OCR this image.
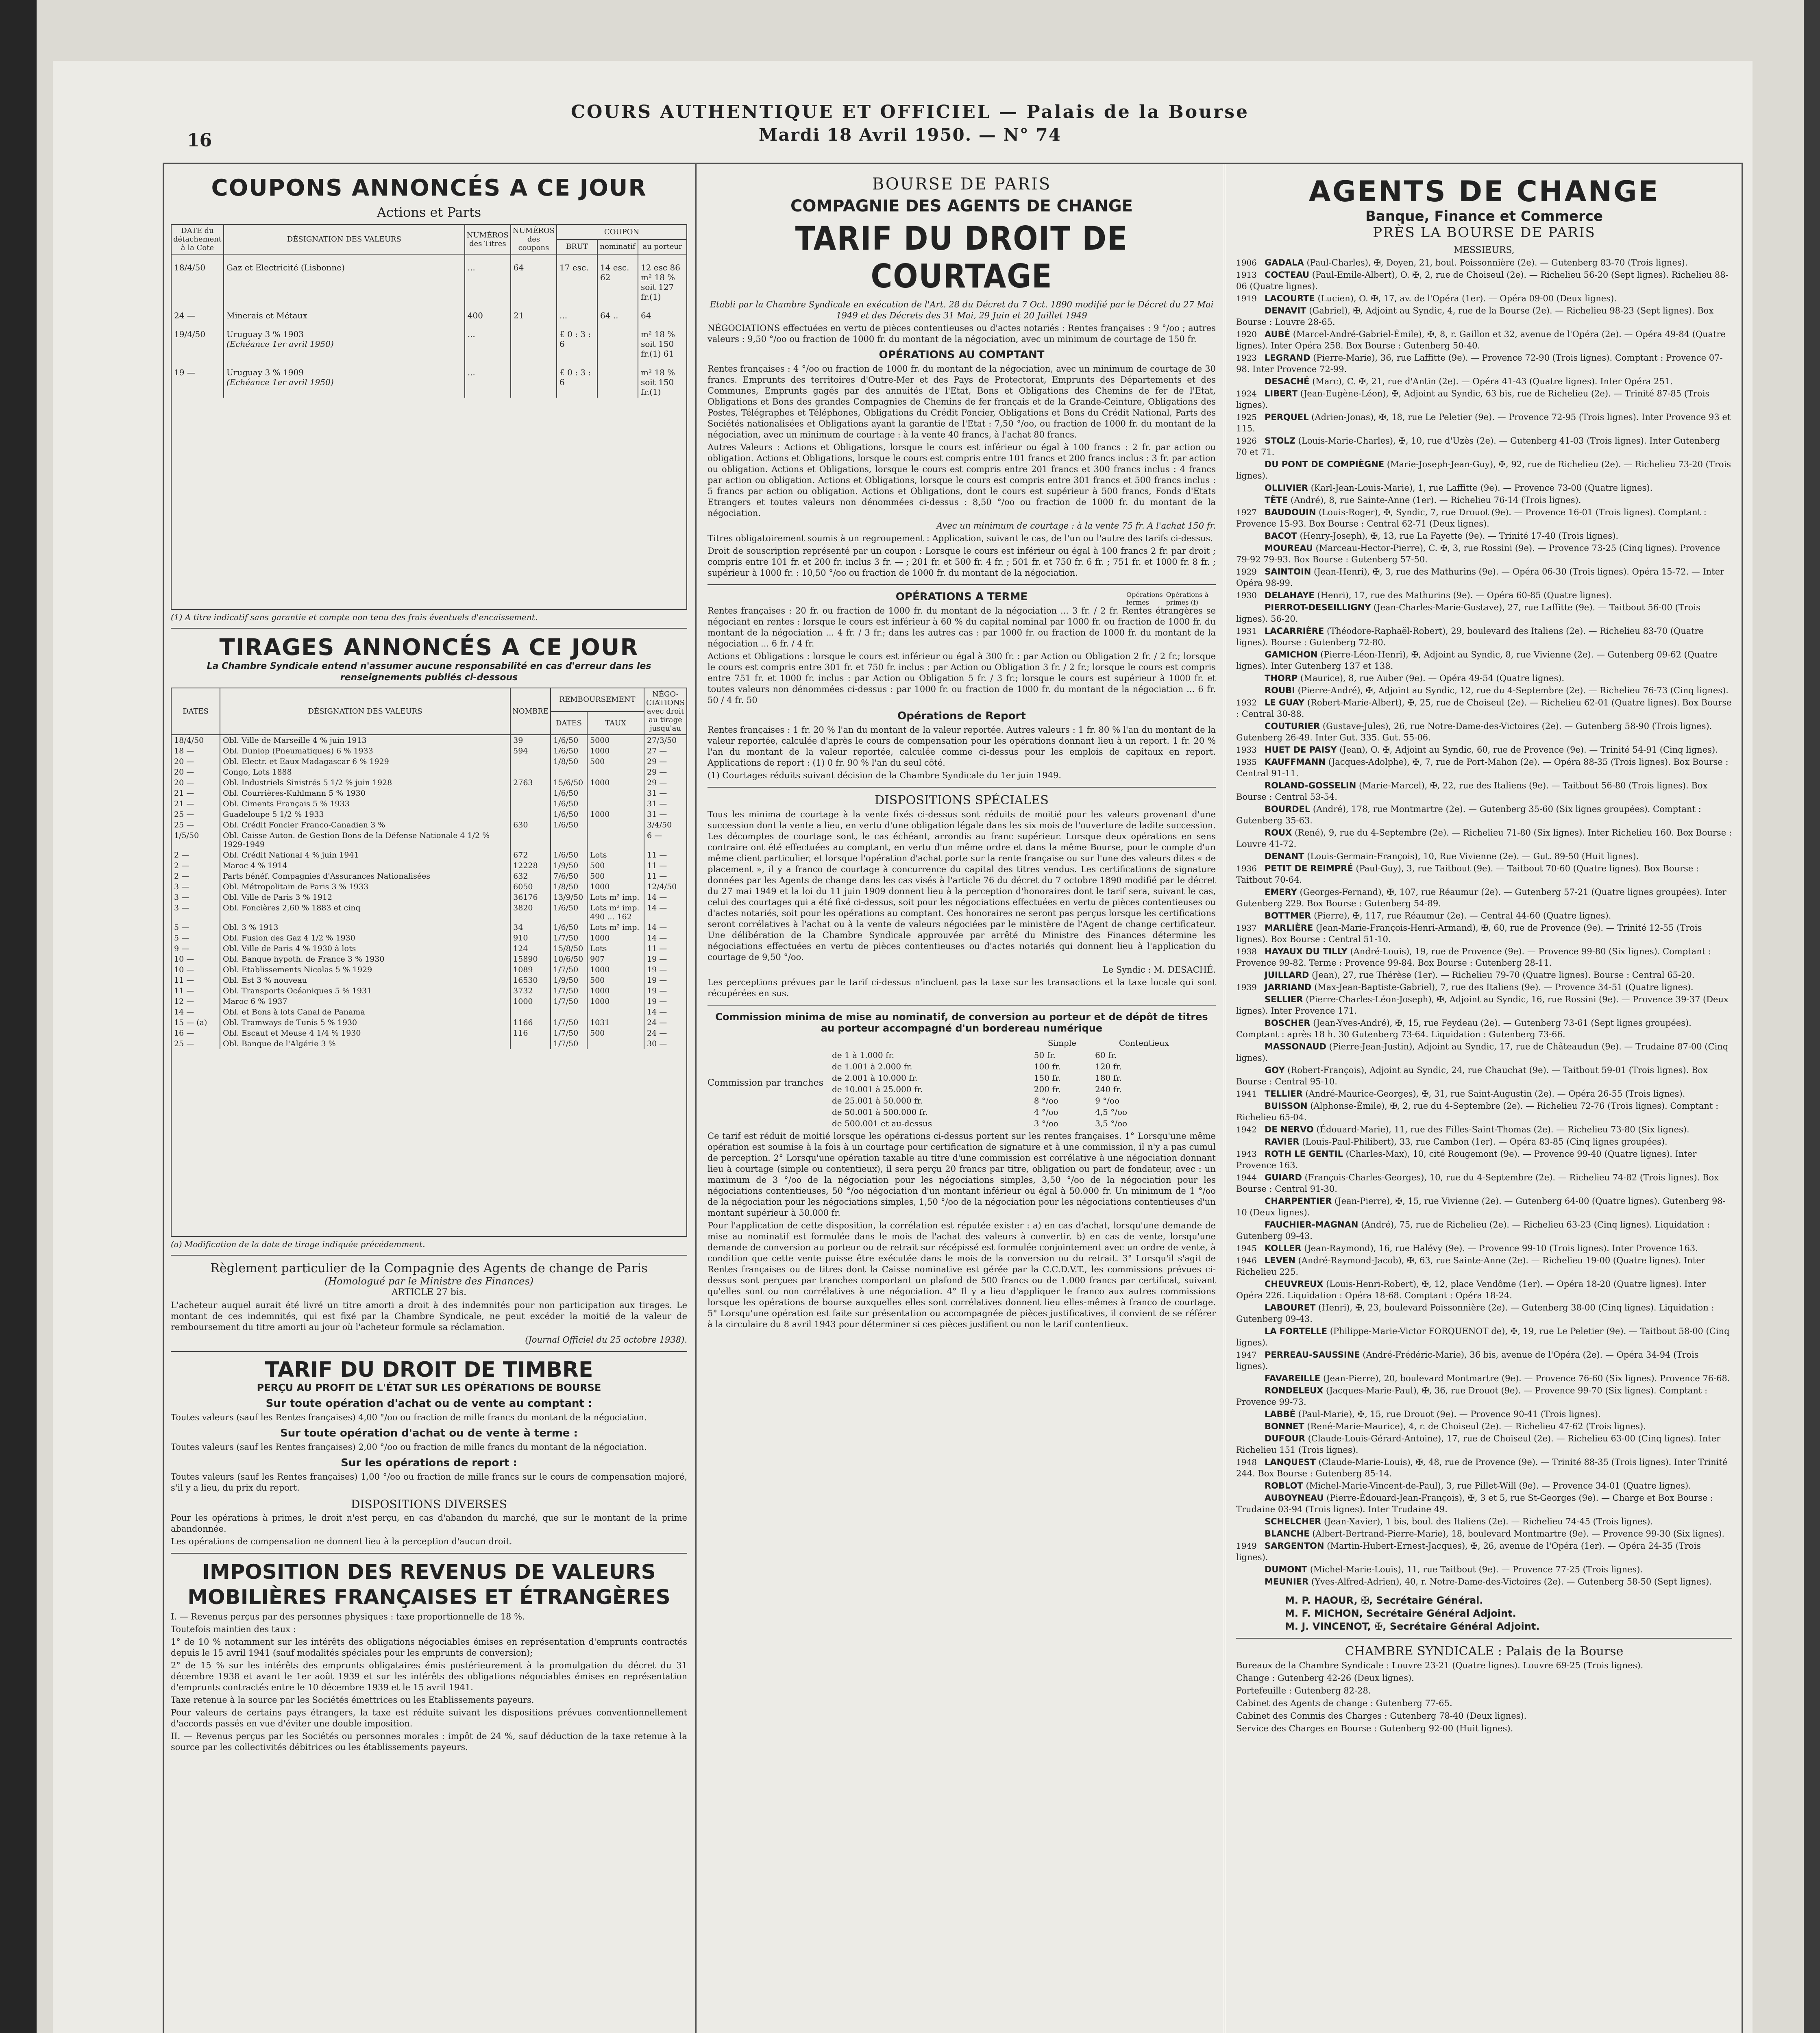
COURS AUTHENTIQUE ET OFFICIEL — Palais de la Bourse
Mardi 18 Avril 1950. — N° 74
16
COUPONS ANNONCÉS A CE JOUR
Actions et Parts
DATE du détachement à la Cote	DÉSIGNATION DES VALEURS	NUMÉROS des Titres	NUMÉROS des coupons	COUPON		
				BRUT	nominatif	au porteur
18/4/50	Gaz et Electricité (Lisbonne)	...	64	17 esc.	14 esc. 62	12 esc 86 m² 18 % soit 127 fr.(1)
24 —	Minerais et Métaux	400	21	...	64 ..	64
19/4/50	Uruguay 3 % 1903
(Echéance 1er avril 1950)	...		£ 0 : 3 : 6		m² 18 % soit 150 fr.(1) 61
19 —	Uruguay 3 % 1909
(Echéance 1er avril 1950)	...		£ 0 : 3 : 6		m² 18 % soit 150 fr.(1)
(1) A titre indicatif sans garantie et compte non tenu des frais éventuels d'encaissement.
TIRAGES ANNONCÉS A CE JOUR
La Chambre Syndicale entend n'assumer aucune responsabilité en cas d'erreur dans les renseignements publiés ci-dessous
DATES	DÉSIGNATION DES VALEURS	NOMBRE	REMBOURSEMENT		NÉGO-CIATIONS avec droit au tirage jusqu'au
			DATES	TAUX	
18/4/50	Obl. Ville de Marseille 4 % juin 1913	39	1/6/50	5000	27/3/50
18 —	Obl. Dunlop (Pneumatiques) 6 % 1933	594	1/6/50	1000	27 —
20 —	Obl. Electr. et Eaux Madagascar 6 % 1929		1/8/50	500	29 —
20 —	Congo, Lots 1888				29 —
20 —	Obl. Industriels Sinistrés 5 1/2 % juin 1928	2763	15/6/50	1000	29 —
21 —	Obl. Courrières-Kuhlmann 5 % 1930		1/6/50		31 —
21 —	Obl. Ciments Français 5 % 1933		1/6/50		31 —
25 —	Guadeloupe 5 1/2 % 1933		1/6/50	1000	31 —
25 —	Obl. Crédit Foncier Franco-Canadien 3 %	630	1/6/50		3/4/50
1/5/50	Obl. Caisse Auton. de Gestion Bons de la Défense Nationale 4 1/2 % 1929-1949				6 —
2 —	Obl. Crédit National 4 % juin 1941	672	1/6/50	Lots	11 —
2 —	Maroc 4 % 1914	12228	1/9/50	500	11 —
2 —	Parts bénéf. Compagnies d'Assurances Nationalisées	632	7/6/50	500	11 —
3 —	Obl. Métropolitain de Paris 3 % 1933	6050	1/8/50	1000	12/4/50
3 —	Obl. Ville de Paris 3 % 1912	36176	13/9/50	Lots m² imp.	14 —
3 —	Obl. Foncières 2,60 % 1883 et cinq	3820	1/6/50	Lots m² imp. 490 ... 162	14 —
5 —	Obl. 3 % 1913	34	1/6/50	Lots m² imp.	14 —
5 —	Obl. Fusion des Gaz 4 1/2 % 1930	910	1/7/50	1000	14 —
9 —	Obl. Ville de Paris 4 % 1930 à lots	124	15/8/50	Lots	11 —
10 —	Obl. Banque hypoth. de France 3 % 1930	15890	10/6/50	907	19 —
10 —	Obl. Etablissements Nicolas 5 % 1929	1089	1/7/50	1000	19 —
11 —	Obl. Est 3 % nouveau	16530	1/9/50	500	19 —
11 —	Obl. Transports Océaniques 5 % 1931	3732	1/7/50	1000	19 —
12 —	Maroc 6 % 1937	1000	1/7/50	1000	19 —
14 —	Obl. et Bons à lots Canal de Panama				14 —
15 — (a)	Obl. Tramways de Tunis 5 % 1930	1166	1/7/50	1031	24 —
16 —	Obl. Escaut et Meuse 4 1/4 % 1930	116	1/7/50	500	24 —
25 —	Obl. Banque de l'Algérie 3 %		1/7/50		30 —
(a) Modification de la date de tirage indiquée précédemment.
Règlement particulier de la Compagnie des Agents de change de Paris
(Homologué par le Ministre des Finances)
ARTICLE 27 bis.
L'acheteur auquel aurait été livré un titre amorti a droit à des indemnités pour non participation aux tirages. Le montant de ces indemnités, qui est fixé par la Chambre Syndicale, ne peut excéder la moitié de la valeur de remboursement du titre amorti au jour où l'acheteur formule sa réclamation.
(Journal Officiel du 25 octobre 1938).
TARIF DU DROIT DE TIMBRE
PERÇU AU PROFIT DE L'ÉTAT SUR LES OPÉRATIONS DE BOURSE
Sur toute opération d'achat ou de vente au comptant :
Toutes valeurs (sauf les Rentes françaises) 4,00 °/oo ou fraction de mille francs du montant de la négociation.
Sur toute opération d'achat ou de vente à terme :
Toutes valeurs (sauf les Rentes françaises) 2,00 °/oo ou fraction de mille francs du montant de la négociation.
Sur les opérations de report :
Toutes valeurs (sauf les Rentes françaises) 1,00 °/oo ou fraction de mille francs sur le cours de compensation majoré, s'il y a lieu, du prix du report.
DISPOSITIONS DIVERSES
Pour les opérations à primes, le droit n'est perçu, en cas d'abandon du marché, que sur le montant de la prime abandonnée.
Les opérations de compensation ne donnent lieu à la perception d'aucun droit.
IMPOSITION DES REVENUS DE VALEURS MOBILIÈRES FRANÇAISES ET ÉTRANGÈRES
I. — Revenus perçus par des personnes physiques : taxe proportionnelle de 18 %.
Toutefois maintien des taux :
1° de 10 % notamment sur les intérêts des obligations négociables émises en représentation d'emprunts contractés depuis le 15 avril 1941 (sauf modalités spéciales pour les emprunts de conversion);
2° de 15 % sur les intérêts des emprunts obligataires émis postérieurement à la promulgation du décret du 31 décembre 1938 et avant le 1er août 1939 et sur les intérêts des obligations négociables émises en représentation d'emprunts contractés entre le 10 décembre 1939 et le 15 avril 1941.
Taxe retenue à la source par les Sociétés émettrices ou les Etablissements payeurs.
Pour valeurs de certains pays étrangers, la taxe est réduite suivant les dispositions prévues conventionnellement d'accords passés en vue d'éviter une double imposition.
II. — Revenus perçus par les Sociétés ou personnes morales : impôt de 24 %, sauf déduction de la taxe retenue à la source par les collectivités débitrices ou les établissements payeurs.
BOURSE DE PARIS
COMPAGNIE DES AGENTS DE CHANGE
TARIF DU DROIT DE COURTAGE
Etabli par la Chambre Syndicale en exécution de l'Art. 28 du Décret du 7 Oct. 1890 modifié par le Décret du 27 Mai 1949 et des Décrets des 31 Mai, 29 Juin et 20 Juillet 1949
NÉGOCIATIONS effectuées en vertu de pièces contentieuses ou d'actes notariés : Rentes françaises : 9 °/oo ; autres valeurs : 9,50 °/oo ou fraction de 1000 fr. du montant de la négociation, avec un minimum de courtage de 150 fr.
OPÉRATIONS AU COMPTANT
Rentes françaises : 4 °/oo ou fraction de 1000 fr. du montant de la négociation, avec un minimum de courtage de 30 francs. Emprunts des territoires d'Outre-Mer et des Pays de Protectorat, Emprunts des Départements et des Communes, Emprunts gagés par des annuités de l'Etat, Bons et Obligations des Chemins de fer de l'Etat, Obligations et Bons des grandes Compagnies de Chemins de fer français et de la Grande-Ceinture, Obligations des Postes, Télégraphes et Téléphones, Obligations du Crédit Foncier, Obligations et Bons du Crédit National, Parts des Sociétés nationalisées et Obligations ayant la garantie de l'Etat : 7,50 °/oo, ou fraction de 1000 fr. du montant de la négociation, avec un minimum de courtage : à la vente 40 francs, à l'achat 80 francs.
Autres Valeurs : Actions et Obligations, lorsque le cours est inférieur ou égal à 100 francs : 2 fr. par action ou obligation. Actions et Obligations, lorsque le cours est compris entre 101 francs et 200 francs inclus : 3 fr. par action ou obligation. Actions et Obligations, lorsque le cours est compris entre 201 francs et 300 francs inclus : 4 francs par action ou obligation. Actions et Obligations, lorsque le cours est compris entre 301 francs et 500 francs inclus : 5 francs par action ou obligation. Actions et Obligations, dont le cours est supérieur à 500 francs, Fonds d'Etats Etrangers et toutes valeurs non dénommées ci-dessus : 8,50 °/oo ou fraction de 1000 fr. du montant de la négociation.
Avec un minimum de courtage : à la vente 75 fr. A l'achat 150 fr.
Titres obligatoirement soumis à un regroupement : Application, suivant le cas, de l'un ou l'autre des tarifs ci-dessus.
Droit de souscription représenté par un coupon : Lorsque le cours est inférieur ou égal à 100 francs 2 fr. par droit ; compris entre 101 fr. et 200 fr. inclus 3 fr. — ; 201 fr. et 500 fr. 4 fr. ; 501 fr. et 750 fr. 6 fr. ; 751 fr. et 1000 fr. 8 fr. ; supérieur à 1000 fr. : 10,50 °/oo ou fraction de 1000 fr. du montant de la négociation.
OPÉRATIONS A TERME	Opérations fermes
Opérations à primes (f)
Rentes françaises : 20 fr. ou fraction de 1000 fr. du montant de la négociation ... 3 fr. / 2 fr. Rentes étrangères se négociant en rentes : lorsque le cours est inférieur à 60 % du capital nominal par 1000 fr. ou fraction de 1000 fr. du montant de la négociation ... 4 fr. / 3 fr.; dans les autres cas : par 1000 fr. ou fraction de 1000 fr. du montant de la négociation ... 6 fr. / 4 fr.
Actions et Obligations : lorsque le cours est inférieur ou égal à 300 fr. : par Action ou Obligation 2 fr. / 2 fr.; lorsque le cours est compris entre 301 fr. et 750 fr. inclus : par Action ou Obligation 3 fr. / 2 fr.; lorsque le cours est compris entre 751 fr. et 1000 fr. inclus : par Action ou Obligation 5 fr. / 3 fr.; lorsque le cours est supérieur à 1000 fr. et toutes valeurs non dénommées ci-dessus : par 1000 fr. ou fraction de 1000 fr. du montant de la négociation ... 6 fr. 50 / 4 fr. 50
Opérations de Report
Rentes françaises : 1 fr. 20 % l'an du montant de la valeur reportée. Autres valeurs : 1 fr. 80 % l'an du montant de la valeur reportée, calculée d'après le cours de compensation pour les opérations donnant lieu à un report. 1 fr. 20 % l'an du montant de la valeur reportée, calculée comme ci-dessus pour les emplois de capitaux en report. Applications de report : (1) 0 fr. 90 % l'an du seul côté.
(1) Courtages réduits suivant décision de la Chambre Syndicale du 1er juin 1949.
DISPOSITIONS SPÉCIALES
Tous les minima de courtage à la vente fixés ci-dessus sont réduits de moitié pour les valeurs provenant d'une succession dont la vente a lieu, en vertu d'une obligation légale dans les six mois de l'ouverture de ladite succession. Les décomptes de courtage sont, le cas échéant, arrondis au franc supérieur. Lorsque deux opérations en sens contraire ont été effectuées au comptant, en vertu d'un même ordre et dans la même Bourse, pour le compte d'un même client particulier, et lorsque l'opération d'achat porte sur la rente française ou sur l'une des valeurs dites « de placement », il y a franco de courtage à concurrence du capital des titres vendus. Les certifications de signature données par les Agents de change dans les cas visés à l'article 76 du décret du 7 octobre 1890 modifié par le décret du 27 mai 1949 et la loi du 11 juin 1909 donnent lieu à la perception d'honoraires dont le tarif sera, suivant le cas, celui des courtages qui a été fixé ci-dessus, soit pour les négociations effectuées en vertu de pièces contentieuses ou d'actes notariés, soit pour les opérations au comptant. Ces honoraires ne seront pas perçus lorsque les certifications seront corrélatives à l'achat ou à la vente de valeurs négociées par le ministère de l'Agent de change certificateur. Une délibération de la Chambre Syndicale approuvée par arrêté du Ministre des Finances détermine les négociations effectuées en vertu de pièces contentieuses ou d'actes notariés qui donnent lieu à l'application du courtage de 9,50 °/oo.
Le Syndic : M. DESACHÉ.
Les perceptions prévues par le tarif ci-dessus n'incluent pas la taxe sur les transactions et la taxe locale qui sont récupérées en sus.
Commission minima de mise au nominatif, de conversion au porteur et de dépôt de titres au porteur accompagné d'un bordereau numérique
Commission par tranches
	Simple	Contentieux
de 1 à 1.000 fr.	50 fr.	60 fr.
de 1.001 à 2.000 fr.	100 fr.	120 fr.
de 2.001 à 10.000 fr.	150 fr.	180 fr.
de 10.001 à 25.000 fr.	200 fr.	240 fr.
de 25.001 à 50.000 fr.	8 °/oo	9 °/oo
de 50.001 à 500.000 fr.	4 °/oo	4,5 °/oo
de 500.001 et au-dessus	3 °/oo	3,5 °/oo
Ce tarif est réduit de moitié lorsque les opérations ci-dessus portent sur les rentes françaises. 1° Lorsqu'une même opération est soumise à la fois à un courtage pour certification de signature et à une commission, il n'y a pas cumul de perception. 2° Lorsqu'une opération taxable au titre d'une commission est corrélative à une négociation donnant lieu à courtage (simple ou contentieux), il sera perçu 20 francs par titre, obligation ou part de fondateur, avec : un maximum de 3 °/oo de la négociation pour les négociations simples, 3,50 °/oo de la négociation pour les négociations contentieuses, 50 °/oo négociation d'un montant inférieur ou égal à 50.000 fr. Un minimum de 1 °/oo de la négociation pour les négociations simples, 1,50 °/oo de la négociation pour les négociations contentieuses d'un montant supérieur à 50.000 fr.
Pour l'application de cette disposition, la corrélation est réputée exister : a) en cas d'achat, lorsqu'une demande de mise au nominatif est formulée dans le mois de l'achat des valeurs à convertir. b) en cas de vente, lorsqu'une demande de conversion au porteur ou de retrait sur récépissé est formulée conjointement avec un ordre de vente, à condition que cette vente puisse être exécutée dans le mois de la conversion ou du retrait. 3° Lorsqu'il s'agit de Rentes françaises ou de titres dont la Caisse nominative est gérée par la C.C.D.V.T., les commissions prévues ci-dessus sont perçues par tranches comportant un plafond de 500 francs ou de 1.000 francs par certificat, suivant qu'elles sont ou non corrélatives à une négociation. 4° Il y a lieu d'appliquer le franco aux autres commissions lorsque les opérations de bourse auxquelles elles sont corrélatives donnent lieu elles-mêmes à franco de courtage. 5° Lorsqu'une opération est faite sur présentation ou accompagnée de pièces justificatives, il convient de se référer à la circulaire du 8 avril 1943 pour déterminer si ces pièces justifient ou non le tarif contentieux.
AGENTS DE CHANGE
Banque, Finance et Commerce
PRÈS LA BOURSE DE PARIS
MESSIEURS,
1906 GADALA (Paul-Charles), ✠, Doyen, 21, boul. Poissonnière (2e). — Gutenberg 83-70 (Trois lignes).
1913 COCTEAU (Paul-Emile-Albert), O. ✠, 2, rue de Choiseul (2e). — Richelieu 56-20 (Sept lignes). Richelieu 88-06 (Quatre lignes).
1919 LACOURTE (Lucien), O. ✠, 17, av. de l'Opéra (1er). — Opéra 09-00 (Deux lignes).
DENAVIT (Gabriel), ✠, Adjoint au Syndic, 4, rue de la Bourse (2e). — Richelieu 98-23 (Sept lignes). Box Bourse : Louvre 28-65.
1920 AUBÉ (Marcel-André-Gabriel-Émile), ✠, 8, r. Gaillon et 32, avenue de l'Opéra (2e). — Opéra 49-84 (Quatre lignes). Inter Opéra 258. Box Bourse : Gutenberg 50-40.
1923 LEGRAND (Pierre-Marie), 36, rue Laffitte (9e). — Provence 72-90 (Trois lignes). Comptant : Provence 07-98. Inter Provence 72-99.
DESACHÉ (Marc), C. ✠, 21, rue d'Antin (2e). — Opéra 41-43 (Quatre lignes). Inter Opéra 251.
1924 LIBERT (Jean-Eugène-Léon), ✠, Adjoint au Syndic, 63 bis, rue de Richelieu (2e). — Trinité 87-85 (Trois lignes).
1925 PERQUEL (Adrien-Jonas), ✠, 18, rue Le Peletier (9e). — Provence 72-95 (Trois lignes). Inter Provence 93 et 115.
1926 STOLZ (Louis-Marie-Charles), ✠, 10, rue d'Uzès (2e). — Gutenberg 41-03 (Trois lignes). Inter Gutenberg 70 et 71.
DU PONT DE COMPIÈGNE (Marie-Joseph-Jean-Guy), ✠, 92, rue de Richelieu (2e). — Richelieu 73-20 (Trois lignes).
OLLIVIER (Karl-Jean-Louis-Marie), 1, rue Laffitte (9e). — Provence 73-00 (Quatre lignes).
TÊTE (André), 8, rue Sainte-Anne (1er). — Richelieu 76-14 (Trois lignes).
1927 BAUDOUIN (Louis-Roger), ✠, Syndic, 7, rue Drouot (9e). — Provence 16-01 (Trois lignes). Comptant : Provence 15-93. Box Bourse : Central 62-71 (Deux lignes).
BACOT (Henry-Joseph), ✠, 13, rue La Fayette (9e). — Trinité 17-40 (Trois lignes).
MOUREAU (Marceau-Hector-Pierre), C. ✠, 3, rue Rossini (9e). — Provence 73-25 (Cinq lignes). Provence 79-92 79-93. Box Bourse : Gutenberg 57-50.
1929 SAINTOIN (Jean-Henri), ✠, 3, rue des Mathurins (9e). — Opéra 06-30 (Trois lignes). Opéra 15-72. — Inter Opéra 98-99.
1930 DELAHAYE (Henri), 17, rue des Mathurins (9e). — Opéra 60-85 (Quatre lignes).
PIERROT-DESEILLIGNY (Jean-Charles-Marie-Gustave), 27, rue Laffitte (9e). — Taitbout 56-00 (Trois lignes). 56-20.
1931 LACARRIÈRE (Théodore-Raphaël-Robert), 29, boulevard des Italiens (2e). — Richelieu 83-70 (Quatre lignes). Bourse : Gutenberg 72-80.
GAMICHON (Pierre-Léon-Henri), ✠, Adjoint au Syndic, 8, rue Vivienne (2e). — Gutenberg 09-62 (Quatre lignes). Inter Gutenberg 137 et 138.
THORP (Maurice), 8, rue Auber (9e). — Opéra 49-54 (Quatre lignes).
ROUBI (Pierre-André), ✠, Adjoint au Syndic, 12, rue du 4-Septembre (2e). — Richelieu 76-73 (Cinq lignes).
1932 LE GUAY (Robert-Marie-Albert), ✠, 25, rue de Choiseul (2e). — Richelieu 62-01 (Quatre lignes). Box Bourse : Central 30-88.
COUTURIER (Gustave-Jules), 26, rue Notre-Dame-des-Victoires (2e). — Gutenberg 58-90 (Trois lignes). Gutenberg 26-49. Inter Gut. 335. Gut. 55-06.
1933 HUET DE PAISY (Jean), O. ✠, Adjoint au Syndic, 60, rue de Provence (9e). — Trinité 54-91 (Cinq lignes).
1935 KAUFFMANN (Jacques-Adolphe), ✠, 7, rue de Port-Mahon (2e). — Opéra 88-35 (Trois lignes). Box Bourse : Central 91-11.
ROLAND-GOSSELIN (Marie-Marcel), ✠, 22, rue des Italiens (9e). — Taitbout 56-80 (Trois lignes). Box Bourse : Central 53-54.
BOURDEL (André), 178, rue Montmartre (2e). — Gutenberg 35-60 (Six lignes groupées). Comptant : Gutenberg 35-63.
ROUX (René), 9, rue du 4-Septembre (2e). — Richelieu 71-80 (Six lignes). Inter Richelieu 160. Box Bourse : Louvre 41-72.
DENANT (Louis-Germain-François), 10, Rue Vivienne (2e). — Gut. 89-50 (Huit lignes).
1936 PETIT DE REIMPRÉ (Paul-Guy), 3, rue Taitbout (9e). — Taitbout 70-60 (Quatre lignes). Box Bourse : Taitbout 70-64.
EMERY (Georges-Fernand), ✠, 107, rue Réaumur (2e). — Gutenberg 57-21 (Quatre lignes groupées). Inter Gutenberg 229. Box Bourse : Gutenberg 54-89.
BOTTMER (Pierre), ✠, 117, rue Réaumur (2e). — Central 44-60 (Quatre lignes).
1937 MARLIÈRE (Jean-Marie-François-Henri-Armand), ✠, 60, rue de Provence (9e). — Trinité 12-55 (Trois lignes). Box Bourse : Central 51-10.
1938 HAYAUX DU TILLY (André-Louis), 19, rue de Provence (9e). — Provence 99-80 (Six lignes). Comptant : Provence 99-82. Terme : Provence 99-84. Box Bourse : Gutenberg 28-11.
JUILLARD (Jean), 27, rue Thérèse (1er). — Richelieu 79-70 (Quatre lignes). Bourse : Central 65-20.
1939 JARRIAND (Max-Jean-Baptiste-Gabriel), 7, rue des Italiens (9e). — Provence 34-51 (Quatre lignes).
SELLIER (Pierre-Charles-Léon-Joseph), ✠, Adjoint au Syndic, 16, rue Rossini (9e). — Provence 39-37 (Deux lignes). Inter Provence 171.
BOSCHER (Jean-Yves-André), ✠, 15, rue Feydeau (2e). — Gutenberg 73-61 (Sept lignes groupées). Comptant : après 18 h. 30 Gutenberg 73-64. Liquidation : Gutenberg 73-66.
MASSONAUD (Pierre-Jean-Justin), Adjoint au Syndic, 17, rue de Châteaudun (9e). — Trudaine 87-00 (Cinq lignes).
GOY (Robert-François), Adjoint au Syndic, 24, rue Chauchat (9e). — Taitbout 59-01 (Trois lignes). Box Bourse : Central 95-10.
1941 TELLIER (André-Maurice-Georges), ✠, 31, rue Saint-Augustin (2e). — Opéra 26-55 (Trois lignes).
BUISSON (Alphonse-Émile), ✠, 2, rue du 4-Septembre (2e). — Richelieu 72-76 (Trois lignes). Comptant : Richelieu 65-04.
1942 DE NERVO (Édouard-Marie), 11, rue des Filles-Saint-Thomas (2e). — Richelieu 73-80 (Six lignes).
RAVIER (Louis-Paul-Philibert), 33, rue Cambon (1er). — Opéra 83-85 (Cinq lignes groupées).
1943 ROTH LE GENTIL (Charles-Max), 10, cité Rougemont (9e). — Provence 99-40 (Quatre lignes). Inter Provence 163.
1944 GUIARD (François-Charles-Georges), 10, rue du 4-Septembre (2e). — Richelieu 74-82 (Trois lignes). Box Bourse : Central 91-30.
CHARPENTIER (Jean-Pierre), ✠, 15, rue Vivienne (2e). — Gutenberg 64-00 (Quatre lignes). Gutenberg 98-10 (Deux lignes).
FAUCHIER-MAGNAN (André), 75, rue de Richelieu (2e). — Richelieu 63-23 (Cinq lignes). Liquidation : Gutenberg 09-43.
1945 KOLLER (Jean-Raymond), 16, rue Halévy (9e). — Provence 99-10 (Trois lignes). Inter Provence 163.
1946 LEVEN (André-Raymond-Jacob), ✠, 63, rue Sainte-Anne (2e). — Richelieu 19-00 (Quatre lignes). Inter Richelieu 225.
CHEUVREUX (Louis-Henri-Robert), ✠, 12, place Vendôme (1er). — Opéra 18-20 (Quatre lignes). Inter Opéra 226. Liquidation : Opéra 18-68. Comptant : Opéra 18-24.
LABOURET (Henri), ✠, 23, boulevard Poissonnière (2e). — Gutenberg 38-00 (Cinq lignes). Liquidation : Gutenberg 09-43.
LA FORTELLE (Philippe-Marie-Victor FORQUENOT de), ✠, 19, rue Le Peletier (9e). — Taitbout 58-00 (Cinq lignes).
1947 PERREAU-SAUSSINE (André-Frédéric-Marie), 36 bis, avenue de l'Opéra (2e). — Opéra 34-94 (Trois lignes).
FAVAREILLE (Jean-Pierre), 20, boulevard Montmartre (9e). — Provence 76-60 (Six lignes). Provence 76-68.
RONDELEUX (Jacques-Marie-Paul), ✠, 36, rue Drouot (9e). — Provence 99-70 (Six lignes). Comptant : Provence 99-73.
LABBÉ (Paul-Marie), ✠, 15, rue Drouot (9e). — Provence 90-41 (Trois lignes).
BONNET (René-Marie-Maurice), 4, r. de Choiseul (2e). — Richelieu 47-62 (Trois lignes).
DUFOUR (Claude-Louis-Gérard-Antoine), 17, rue de Choiseul (2e). — Richelieu 63-00 (Cinq lignes). Inter Richelieu 151 (Trois lignes).
1948 LANQUEST (Claude-Marie-Louis), ✠, 48, rue de Provence (9e). — Trinité 88-35 (Trois lignes). Inter Trinité 244. Box Bourse : Gutenberg 85-14.
ROBLOT (Michel-Marie-Vincent-de-Paul), 3, rue Pillet-Will (9e). — Provence 34-01 (Quatre lignes).
AUBOYNEAU (Pierre-Édouard-Jean-François), ✠, 3 et 5, rue St-Georges (9e). — Charge et Box Bourse : Trudaine 03-94 (Trois lignes). Inter Trudaine 49.
SCHELCHER (Jean-Xavier), 1 bis, boul. des Italiens (2e). — Richelieu 74-45 (Trois lignes).
BLANCHE (Albert-Bertrand-Pierre-Marie), 18, boulevard Montmartre (9e). — Provence 99-30 (Six lignes).
1949 SARGENTON (Martin-Hubert-Ernest-Jacques), ✠, 26, avenue de l'Opéra (1er). — Opéra 24-35 (Trois lignes).
DUMONT (Michel-Marie-Louis), 11, rue Taitbout (9e). — Provence 77-25 (Trois lignes).
MEUNIER (Yves-Alfred-Adrien), 40, r. Notre-Dame-des-Victoires (2e). — Gutenberg 58-50 (Sept lignes).
M. P. HAOUR, ✠, Secrétaire Général.
M. F. MICHON, Secrétaire Général Adjoint.
M. J. VINCENOT, ✠, Secrétaire Général Adjoint.
CHAMBRE SYNDICALE : Palais de la Bourse
Bureaux de la Chambre Syndicale : Louvre 23-21 (Quatre lignes). Louvre 69-25 (Trois lignes).
Change : Gutenberg 42-26 (Deux lignes).
Portefeuille : Gutenberg 82-28.
Cabinet des Agents de change : Gutenberg 77-65.
Cabinet des Commis des Charges : Gutenberg 78-40 (Deux lignes).
Service des Charges en Bourse : Gutenberg 92-00 (Huit lignes).
